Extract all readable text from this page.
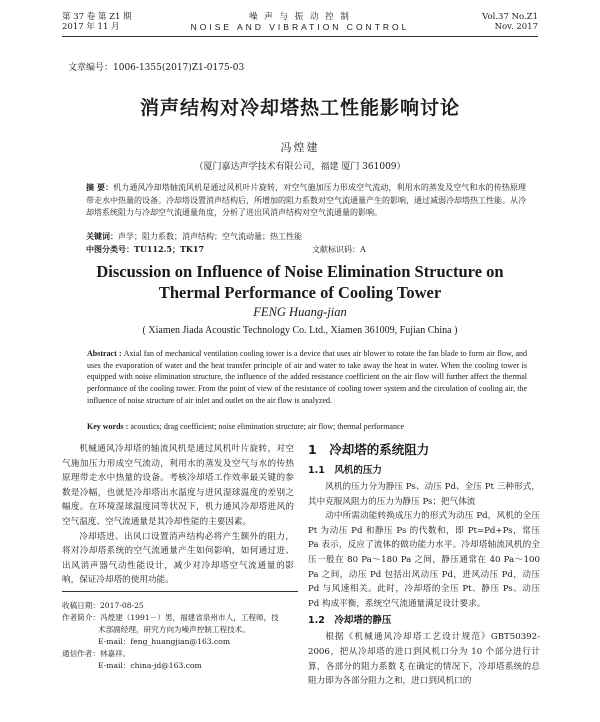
第 37 卷 第 Z1 期
2017 年 11 月
噪 声 与 振 动 控 制
NOISE AND VIBRATION CONTROL
Vol.37 No.Z1
Nov. 2017
文章编号：1006-1355(2017)Z1-0175-03
消声结构对冷却塔热工性能影响讨论
冯煌建
（厦门嘉达声学技术有限公司，福建 厦门 361009）
摘 要：机力通风冷却塔轴流风机是通过风机叶片旋转，对空气施加压力形成空气流动，利用水的蒸发及空气和水的传热原理带走水中热量的设备。冷却塔设置消声结构后，所增加的阻力系数对空气流通量产生的影响，通过减弱冷却塔热工性能。从冷却塔系统阻力与冷却空气流通量角度，分析了进出风消声结构对空气流通量的影响。
关键词：声学；阻力系数；消声结构；空气流动量；热工性能
中图分类号：TU112.5；TK17	文献标识码：A
Discussion on Influence of Noise Elimination Structure on
Thermal Performance of Cooling Tower
FENG Huang-jian
( Xiamen Jiada Acoustic Technology Co. Ltd., Xiamen 361009, Fujian China )
Abstract : Axial fan of mechanical ventilation cooling tower is a device that uses air blower to rotate the fan blade to form air flow, and uses the evaporation of water and the heat transfer principle of air and water to take away the heat in water. When the cooling tower is equipped with noise elimination structure, the influence of the added resistance coefficient on the air flow will further affect the thermal performance of the cooling tower. From the point of view of the resistance of cooling tower system and the circulation of cooling air, the influence of noise structure of air inlet and outlet on the air flow is analyzed.
Key words : acoustics; drag coefficient; noise elimination structure; air flow; thermal performance

机械通风冷却塔的轴流风机是通过风机叶片旋转，对空气施加压力形成空气流动，利用水的蒸发及空气与水的传热原理带走水中热量的设备。考核冷却塔工作效率最关键的参数是冷幅，也就是冷却塔出水温度与进风湿球温度的差别之幅度。在环境湿球温度同等状况下，机力通风冷却塔进风的空气温度、空气流通量是其冷却性能的主要因素。

冷却塔进、出风口设置消声结构必将产生额外的阻力，将对冷却塔系统的空气流通量产生如何影响，如何通过进、出风消声器气动性能设计，减少对冷却塔空气流通量的影响，保证冷却塔的使用功能。

收稿日期：2017-08-25
作者简介：冯煌建（1991－）男，福建省泉州市人，工程师，技
术部副经理，研究方向为噪声控制工程技术。
E-mail：feng_huangjian@163.com
通信作者：林嘉祥。
E-mail：china-jd@163.com
1　冷却塔的系统阻力
1.1　风机的压力

风机的压力分为静压 Ps、动压 Pd、全压 Pt 三种形式，其中克服风阻力的压力为静压 Ps；把气体流

动中所需动能转换成压力的形式为动压 Pd，风机的全压 Pt 为动压 Pd 和静压 Ps 的代数和，即 Pt=Pd+Ps，常压 Pa 表示，反应了流体的做功能力水平。冷却塔轴流风机的全压一般在 80 Pa～180 Pa 之间，静压通常在 40 Pa～100 Pa 之间，动压 Pd 包括出风动压 Pd，进风动压 Pd，动压 Pd 与风速相关。此时，冷却塔的全压 Pt、静压 Ps、动压 Pd 构成平衡，系统空气流通量满足设计要求。

1.2　冷却塔的静压

根据《机械通风冷却塔工艺设计规范》GBT50392-2006，把从冷却塔的进口到风机口分为 10 个部分进行计算，各部分的阻力系数 ξ 在确定的情况下，冷却塔系统的总阻力即为各部分阻力之和，进口到风机口的
